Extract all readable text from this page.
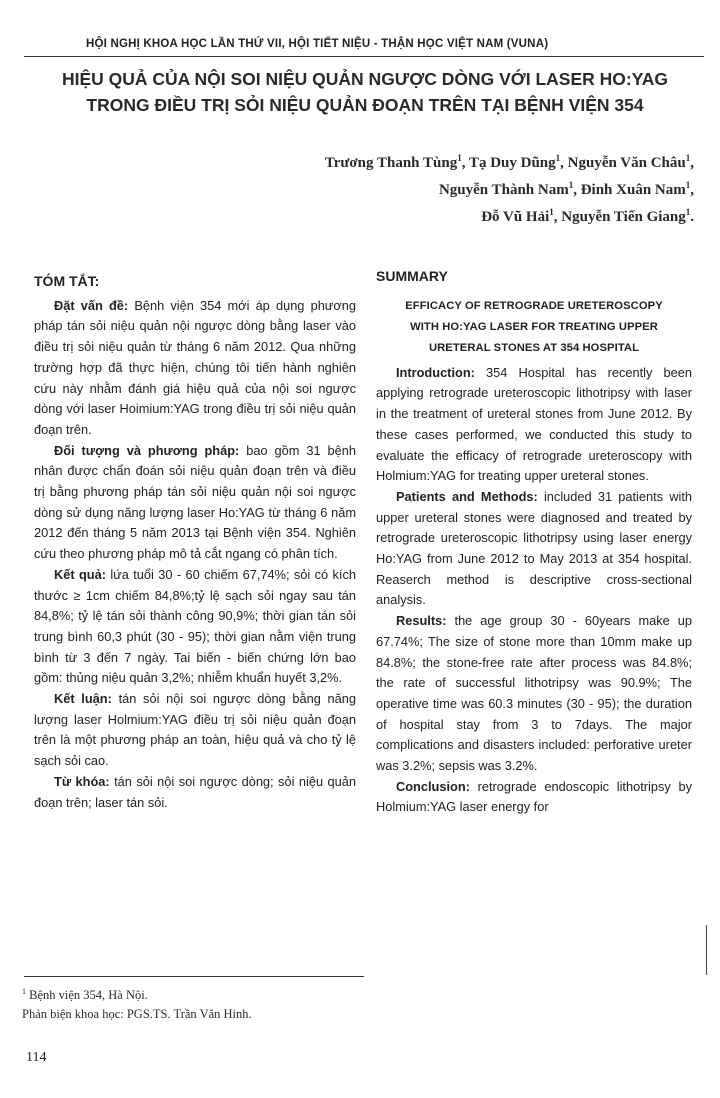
HỘI NGHỊ KHOA HỌC LẦN THỨ VII, HỘI TIẾT NIỆU - THẬN HỌC VIỆT NAM (VUNA)
HIỆU QUẢ CỦA NỘI SOI NIỆU QUẢN NGƯỢC DÒNG VỚI LASER HO:YAG
TRONG ĐIỀU TRỊ SỎI NIỆU QUẢN ĐOẠN TRÊN TẠI BỆNH VIỆN 354
Trương Thanh Tùng$^1$, Tạ Duy Dũng$^1$, Nguyễn Văn Châu$^1$,
Nguyễn Thành Nam$^1$, Đinh Xuân Nam$^1$,
Đỗ Vũ Hải$^1$, Nguyễn Tiến Giang$^1$.
TÓM TẮT:

Đặt vấn đề: Bệnh viện 354 mới áp dụng phương pháp tán sỏi niệu quản nội ngược dòng bằng laser vào điều trị sỏi niệu quản từ tháng 6 năm 2012. Qua những trường hợp đã thực hiện, chúng tôi tiến hành nghiên cứu này nhằm đánh giá hiệu quả của nội soi ngược dòng với laser Hoimium:YAG trong điều trị sỏi niệu quản đoạn trên.

Đối tượng và phương pháp: bao gồm 31 bệnh nhân được chẩn đoán sỏi niệu quản đoạn trên và điều trị bằng phương pháp tán sỏi niệu quản nội soi ngược dòng sử dụng năng lượng laser Ho:YAG từ tháng 6 năm 2012 đến tháng 5 năm 2013 tại Bệnh viện 354. Nghiên cứu theo phương pháp mô tả cắt ngang có phân tích.

Kết quả: lứa tuổi 30 - 60 chiếm 67,74%; sỏi có kích thước ≥ 1cm chiếm 84,8%;tỷ lệ sạch sỏi ngay sau tán 84,8%; tỷ lệ tán sỏi thành công 90,9%; thời gian tán sỏi trung bình 60,3 phút (30 - 95); thời gian nằm viện trung bình từ 3 đến 7 ngày. Tai biến - biến chứng lớn bao gồm: thủng niệu quản 3,2%; nhiễm khuẩn huyết 3,2%.

Kết luận: tán sỏi nội soi ngược dòng bằng năng lượng laser Holmium:YAG điều trị sỏi niệu quản đoạn trên là một phương pháp an toàn, hiệu quả và cho tỷ lệ sạch sỏi cao.

Từ khóa: tán sỏi nội soi ngược dòng; sỏi niệu quản đoạn trên; laser tán sỏi.

SUMMARY
EFFICACY OF RETROGRADE URETEROSCOPY
WITH HO:YAG LASER FOR TREATING UPPER
URETERAL STONES AT 354 HOSPITAL

Introduction: 354 Hospital has recently been applying retrograde ureteroscopic lithotripsy with laser in the treatment of ureteral stones from June 2012. By these cases performed, we conducted this study to evaluate the efficacy of retrograde ureteroscopy with Holmium:YAG for treating upper ureteral stones.

Patients and Methods: included 31 patients with upper ureteral stones were diagnosed and treated by retrograde ureteroscopic lithotripsy using laser energy Ho:YAG from June 2012 to May 2013 at 354 hospital. Reaserch method is descriptive cross-sectional analysis.

Results: the age group 30 - 60years make up 67.74%; The size of stone more than 10mm make up 84.8%; the stone-free rate after process was 84.8%; the rate of successful lithotripsy was 90.9%; The operative time was 60.3 minutes (30 - 95); the duration of hospital stay from 3 to 7days. The major complications and disasters included: perforative ureter was 3.2%; sepsis was 3.2%.

Conclusion: retrograde endoscopic lithotripsy by Holmium:YAG laser energy for

$^1$ Bệnh viện 354, Hà Nội.
Phản biện khoa học: PGS.TS. Trần Văn Hinh.
114
